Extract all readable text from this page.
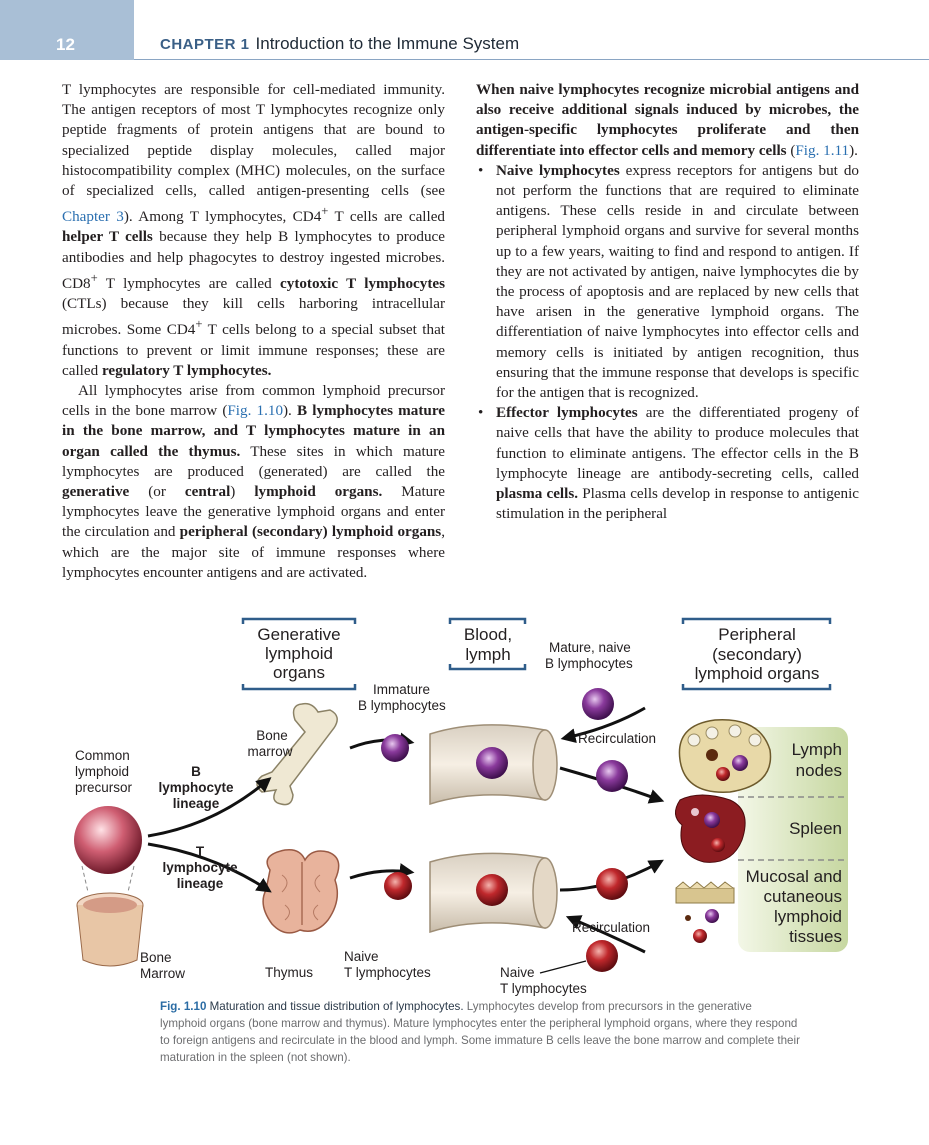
12	CHAPTER 1 Introduction to the Immune System

T lymphocytes are responsible for cell-mediated immunity. The antigen receptors of most T lymphocytes recognize only peptide fragments of protein antigens that are bound to specialized peptide display molecules, called major histocompatibility complex (MHC) molecules, on the surface of specialized cells, called antigen-presenting cells (see Chapter 3). Among T lymphocytes, CD4+ T cells are called helper T cells because they help B lymphocytes to produce antibodies and help phagocytes to destroy ingested microbes. CD8+ T lymphocytes are called cytotoxic T lymphocytes (CTLs) because they kill cells harboring intracellular microbes. Some CD4+ T cells belong to a special subset that functions to prevent or limit immune responses; these are called regulatory T lymphocytes.

All lymphocytes arise from common lymphoid precursor cells in the bone marrow (Fig. 1.10). B lymphocytes mature in the bone marrow, and T lymphocytes mature in an organ called the thymus. These sites in which mature lymphocytes are produced (generated) are called the generative (or central) lymphoid organs. Mature lymphocytes leave the generative lymphoid organs and enter the circulation and peripheral (secondary) lymphoid organs, which are the major site of immune responses where lymphocytes encounter antigens and are activated.

When naive lymphocytes recognize microbial antigens and also receive additional signals induced by microbes, the antigen-specific lymphocytes proliferate and then differentiate into effector cells and memory cells (Fig. 1.11).

• Naive lymphocytes express receptors for antigens but do not perform the functions that are required to eliminate antigens. These cells reside in and circulate between peripheral lymphoid organs and survive for several months up to a few years, waiting to find and respond to antigen. If they are not activated by antigen, naive lymphocytes die by the process of apoptosis and are replaced by new cells that have arisen in the generative lymphoid organs. The differentiation of naive lymphocytes into effector cells and memory cells is initiated by antigen recognition, thus ensuring that the immune response that develops is specific for the antigen that is recognized.
• Effector lymphocytes are the differentiated progeny of naive cells that have the ability to produce molecules that function to eliminate antigens. The effector cells in the B lymphocyte lineage are antibody-secreting cells, called plasma cells. Plasma cells develop in response to antigenic stimulation in the peripheral
Generative
lymphoid
organs
Blood,
lymph
Peripheral
(secondary)
lymphoid organs
Mature, naive
B lymphocytes
Immature
B lymphocytes
Bone
marrow
Common
lymphoid
precursor
B
lymphocyte
lineage
T
lymphocyte
lineage
Recirculation
Recirculation
Lymph
nodes
Spleen
Mucosal and
cutaneous
lymphoid
tissues
Bone
Marrow	Thymus
Naive
T lymphocytes	Naive
T lymphocytes
Fig. 1.10 Maturation and tissue distribution of lymphocytes. Lymphocytes develop from precursors in the generative lymphoid organs (bone marrow and thymus). Mature lymphocytes enter the peripheral lymphoid organs, where they respond to foreign antigens and recirculate in the blood and lymph. Some immature B cells leave the bone marrow and complete their maturation in the spleen (not shown).
